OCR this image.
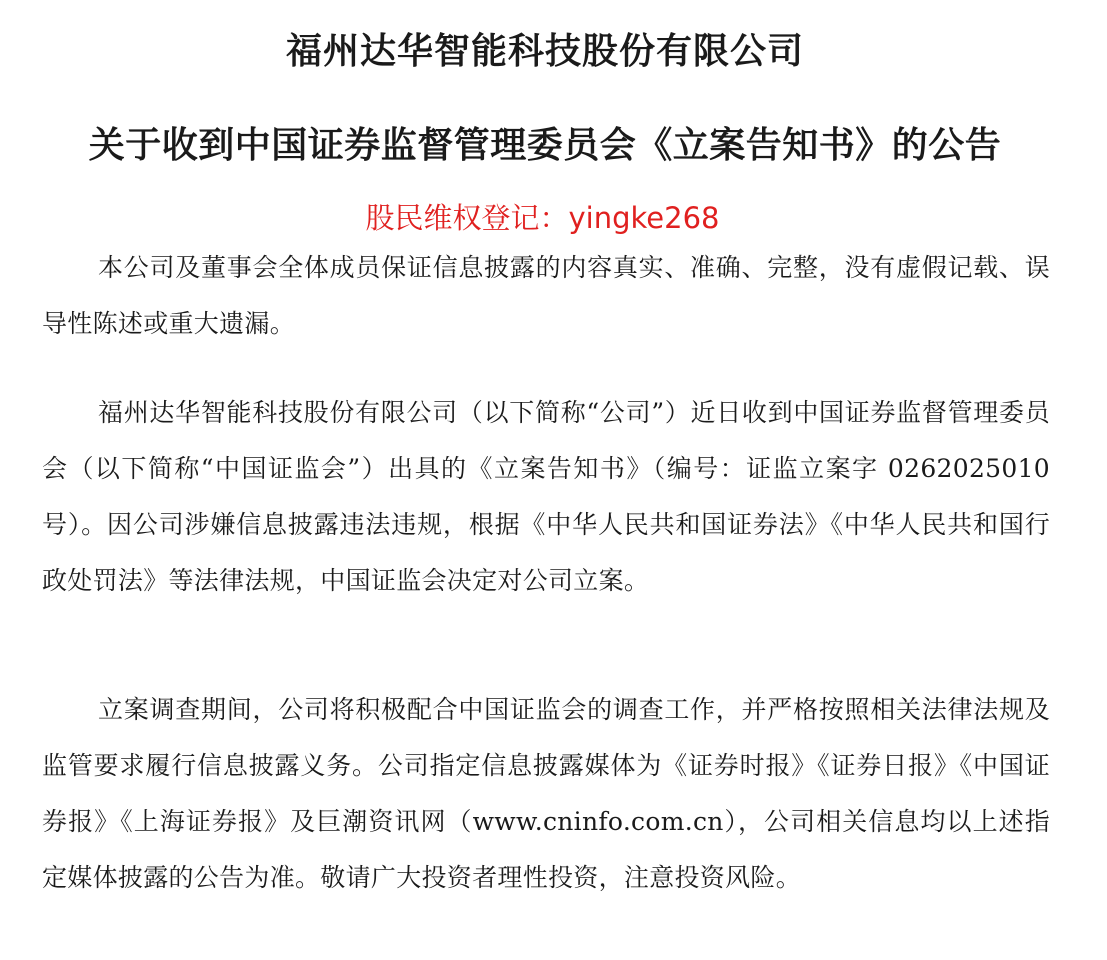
福州达华智能科技股份有限公司
关于收到中国证券监督管理委员会《立案告知书》的公告
股民维权登记：yingke268

本公司及董事会全体成员保证信息披露的内容真实、准确、完整，没有虚假记载、误导性陈述或重大遗漏。

福州达华智能科技股份有限公司（以下简称“公司”）近日收到中国证券监督管理委员会（以下简称“中国证监会”）出具的《立案告知书》（编号：证监立案字 0262025010 号）。因公司涉嫌信息披露违法违规，根据《中华人民共和国证券法》《中华人民共和国行政处罚法》等法律法规，中国证监会决定对公司立案。

立案调查期间，公司将积极配合中国证监会的调查工作，并严格按照相关法律法规及监管要求履行信息披露义务。公司指定信息披露媒体为《证券时报》《证券日报》《中国证券报》《上海证券报》及巨潮资讯网（www.cninfo.com.cn），公司相关信息均以上述指定媒体披露的公告为准。敬请广大投资者理性投资，注意投资风险。
